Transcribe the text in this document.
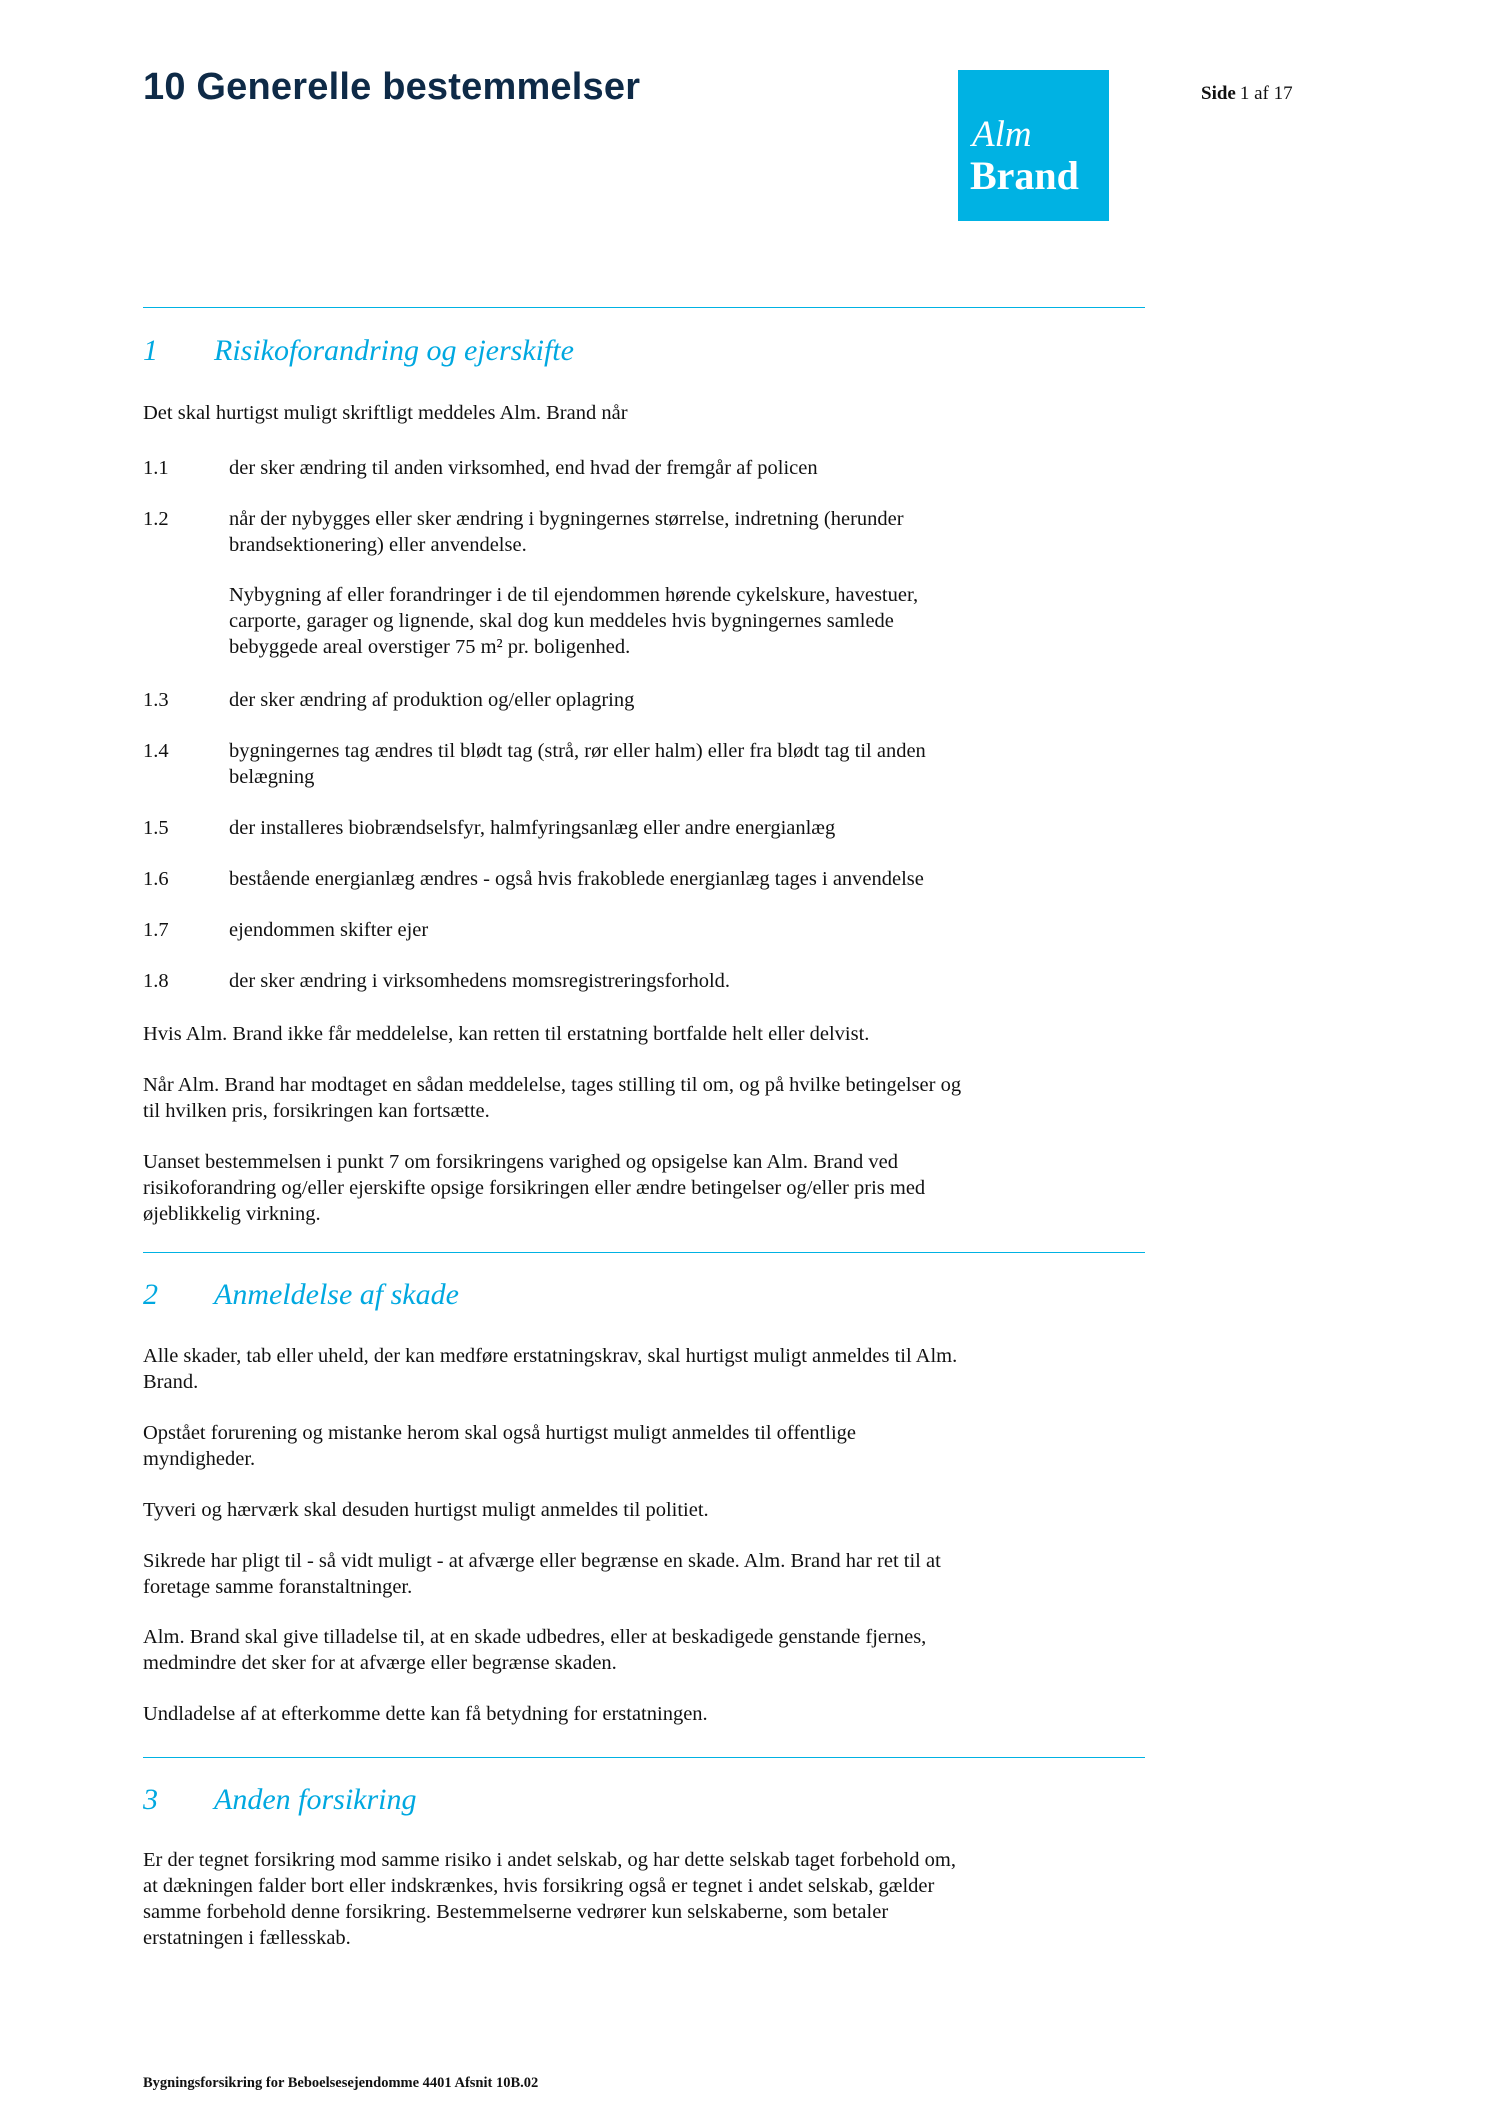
10 Generelle bestemmelser
Alm
Brand
Side 1 af 17
1 Risikoforandring og ejerskifte
Det skal hurtigst muligt skriftligt meddeles Alm. Brand når
1.1	der sker ændring til anden virksomhed, end hvad der fremgår af policen
1.2	når der nybygges eller sker ændring i bygningernes størrelse, indretning (herunder
brandsektionering) eller anvendelse.
Nybygning af eller forandringer i de til ejendommen hørende cykelskure, havestuer,
carporte, garager og lignende, skal dog kun meddeles hvis bygningernes samlede
bebyggede areal overstiger 75 m² pr. boligenhed.
1.3	der sker ændring af produktion og/eller oplagring
1.4	bygningernes tag ændres til blødt tag (strå, rør eller halm) eller fra blødt tag til anden
belægning
1.5	der installeres biobrændselsfyr, halmfyringsanlæg eller andre energianlæg
1.6	bestående energianlæg ændres - også hvis frakoblede energianlæg tages i anvendelse
1.7	ejendommen skifter ejer
1.8	der sker ændring i virksomhedens momsregistreringsforhold.
Hvis Alm. Brand ikke får meddelelse, kan retten til erstatning bortfalde helt eller delvist.
Når Alm. Brand har modtaget en sådan meddelelse, tages stilling til om, og på hvilke betingelser og
til hvilken pris, forsikringen kan fortsætte.
Uanset bestemmelsen i punkt 7 om forsikringens varighed og opsigelse kan Alm. Brand ved
risikoforandring og/eller ejerskifte opsige forsikringen eller ændre betingelser og/eller pris med
øjeblikkelig virkning.
2 Anmeldelse af skade
Alle skader, tab eller uheld, der kan medføre erstatningskrav, skal hurtigst muligt anmeldes til Alm.
Brand.
Opstået forurening og mistanke herom skal også hurtigst muligt anmeldes til offentlige
myndigheder.
Tyveri og hærværk skal desuden hurtigst muligt anmeldes til politiet.
Sikrede har pligt til - så vidt muligt - at afværge eller begrænse en skade. Alm. Brand har ret til at
foretage samme foranstaltninger.
Alm. Brand skal give tilladelse til, at en skade udbedres, eller at beskadigede genstande fjernes,
medmindre det sker for at afværge eller begrænse skaden.
Undladelse af at efterkomme dette kan få betydning for erstatningen.
3 Anden forsikring
Er der tegnet forsikring mod samme risiko i andet selskab, og har dette selskab taget forbehold om,
at dækningen falder bort eller indskrænkes, hvis forsikring også er tegnet i andet selskab, gælder
samme forbehold denne forsikring. Bestemmelserne vedrører kun selskaberne, som betaler
erstatningen i fællesskab.
Bygningsforsikring for Beboelsesejendomme 4401 Afsnit 10B.02
